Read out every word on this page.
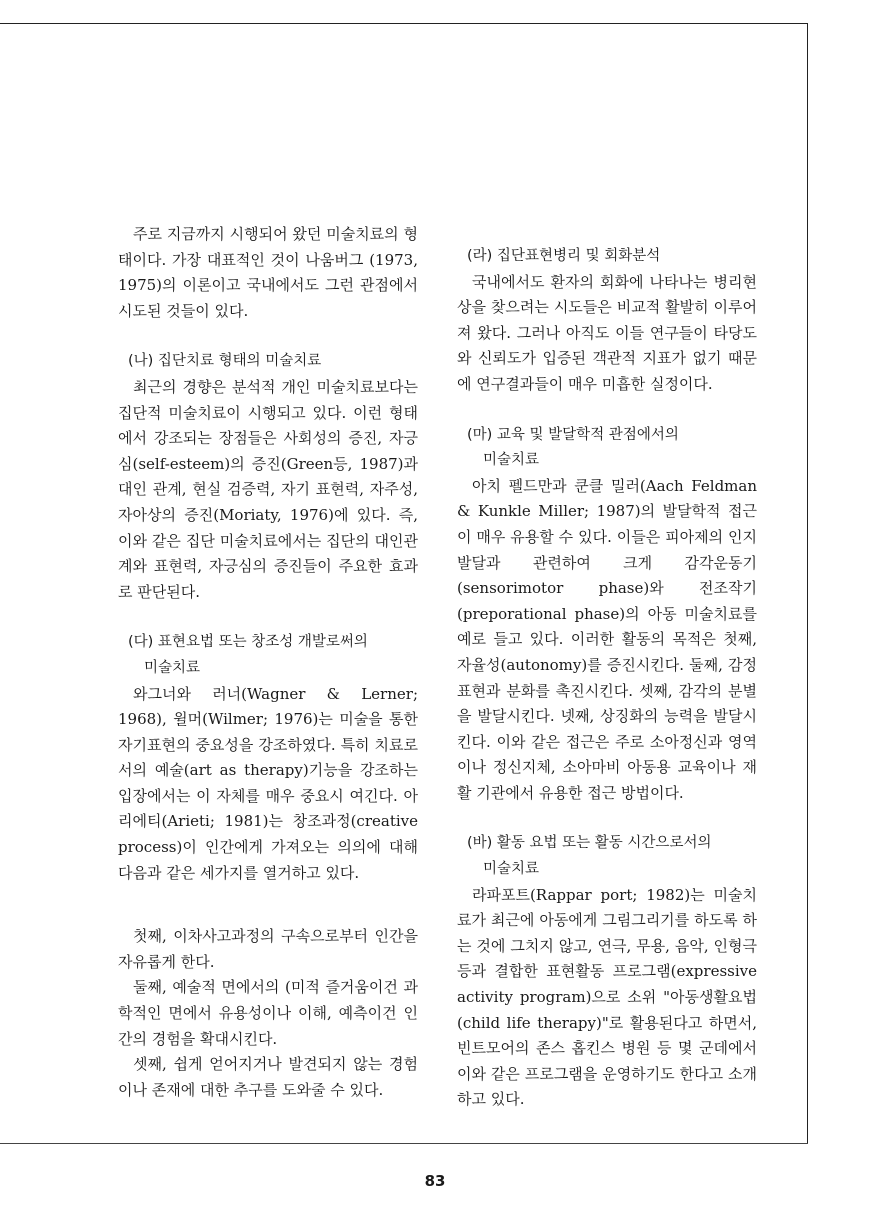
주로 지금까지 시행되어 왔던 미술치료의 형태이다. 가장 대표적인 것이 나움버그 (1973, 1975)의 이론이고 국내에서도 그런 관점에서 시도된 것들이 있다.

(나) 집단치료 형태의 미술치료

최근의 경향은 분석적 개인 미술치료보다는 집단적 미술치료이 시행되고 있다. 이런 형태에서 강조되는 장점들은 사회성의 증진, 자긍심(self-esteem)의 증진(Green등, 1987)과 대인 관계, 현실 검증력, 자기 표현력, 자주성, 자아상의 증진(Moriaty, 1976)에 있다. 즉, 이와 같은 집단 미술치료에서는 집단의 대인관계와 표현력, 자긍심의 증진들이 주요한 효과로 판단된다.

(다) 표현요법 또는 창조성 개발로써의

미술치료

와그너와 러너(Wagner & Lerner; 1968), 윌머(Wilmer; 1976)는 미술을 통한 자기표현의 중요성을 강조하였다. 특히 치료로서의 예술(art as therapy)기능을 강조하는 입장에서는 이 자체를 매우 중요시 여긴다. 아리에티(Arieti; 1981)는 창조과정(creative process)이 인간에게 가져오는 의의에 대해 다음과 같은 세가지를 열거하고 있다.

첫째, 이차사고과정의 구속으로부터 인간을 자유롭게 한다.

둘째, 예술적 면에서의 (미적 즐거움이건 과학적인 면에서 유용성이나 이해, 예측이건 인간의 경험을 확대시킨다.

셋째, 쉽게 얻어지거나 발견되지 않는 경험이나 존재에 대한 추구를 도와줄 수 있다.

(라) 집단표현병리 및 회화분석

국내에서도 환자의 회화에 나타나는 병리현상을 찾으려는 시도들은 비교적 활발히 이루어져 왔다. 그러나 아직도 이들 연구들이 타당도와 신뢰도가 입증된 객관적 지표가 없기 때문에 연구결과들이 매우 미흡한 실정이다.

(마) 교육 및 발달학적 관점에서의

미술치료

아치 펠드만과 쿤클 밀러(Aach Feldman & Kunkle Miller; 1987)의 발달학적 접근이 매우 유용할 수 있다. 이들은 피아제의 인지발달과 관련하여 크게 감각운동기(sensorimotor phase)와 전조작기(preporational phase)의 아동 미술치료를 예로 들고 있다. 이러한 활동의 목적은 첫째, 자율성(autonomy)를 증진시킨다. 둘째, 감정표현과 분화를 촉진시킨다. 셋째, 감각의 분별을 발달시킨다. 넷째, 상징화의 능력을 발달시킨다. 이와 같은 접근은 주로 소아정신과 영역이나 정신지체, 소아마비 아동용 교육이나 재활 기관에서 유용한 접근 방법이다.

(바) 활동 요법 또는 활동 시간으로서의

미술치료

라파포트(Rappar port; 1982)는 미술치료가 최근에 아동에게 그림그리기를 하도록 하는 것에 그치지 않고, 연극, 무용, 음악, 인형극 등과 결합한 표현활동 프로그램(expressive activity program)으로 소위 "아동생활요법(child life therapy)"로 활용된다고 하면서, 빈트모어의 존스 홉킨스 병원 등 몇 군데에서 이와 같은 프로그램을 운영하기도 한다고 소개하고 있다.

83
